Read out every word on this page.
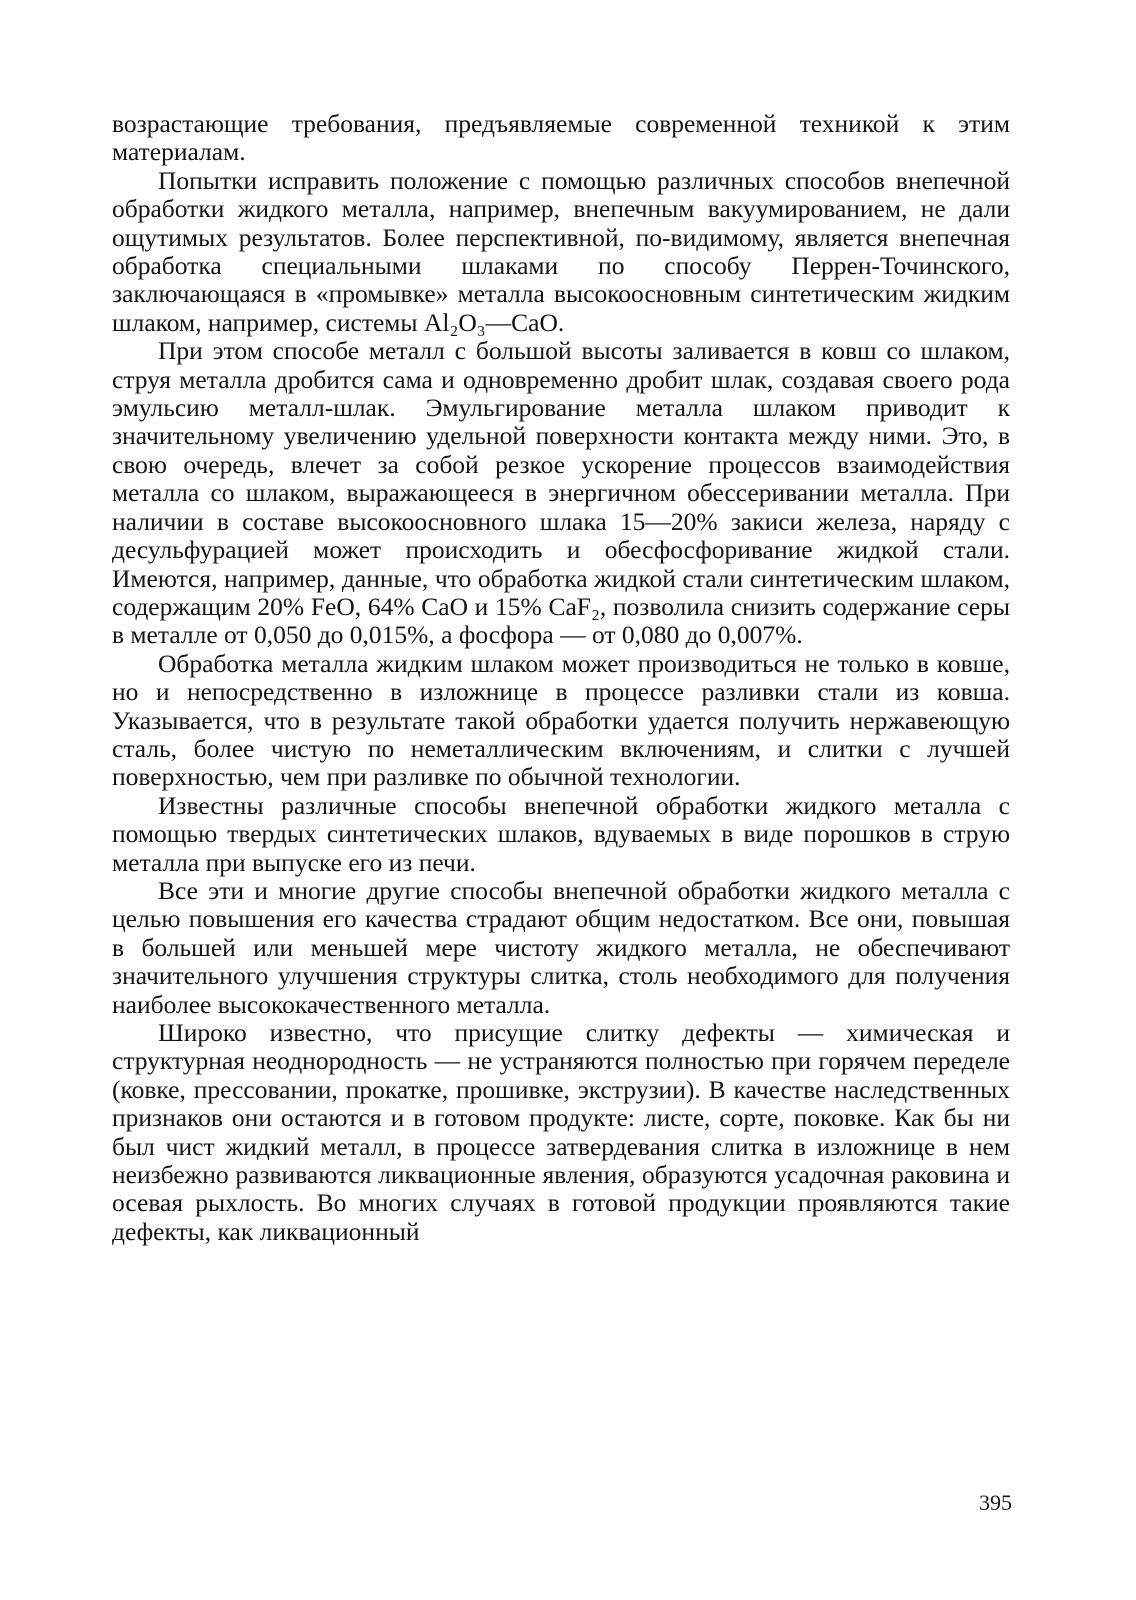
возрастающие требования, предъявляемые современной техникой к этим материалам.

Попытки исправить положение с помощью различных способов внепечной обработки жидкого металла, например, внепечным вакуумированием, не дали ощутимых результатов. Более перспективной, по-видимому, является внепечная обработка специальными шлаками по способу Перрен-Точинского, заключающаяся в «промывке» металла высокоосновным синтетическим жидким шлаком, например, системы Al₂O₃—CaO.

При этом способе металл с большой высоты заливается в ковш со шлаком, струя металла дробится сама и одновременно дробит шлак, создавая своего рода эмульсию металл-шлак. Эмульгирование металла шлаком приводит к значительному увеличению удельной поверхности контакта между ними. Это, в свою очередь, влечет за собой резкое ускорение процессов взаимодействия металла со шлаком, выражающееся в энергичном обессеривании металла. При наличии в составе высокоосновного шлака 15—20% закиси железа, наряду с десульфурацией может происходить и обесфосфоривание жидкой стали. Имеются, например, данные, что обработка жидкой стали синтетическим шлаком, содержащим 20% FeO, 64% CaO и 15% CaF₂, позволила снизить содержание серы в металле от 0,050 до 0,015%, а фосфора — от 0,080 до 0,007%.

Обработка металла жидким шлаком может производиться не только в ковше, но и непосредственно в изложнице в процессе разливки стали из ковша. Указывается, что в результате такой обработки удается получить нержавеющую сталь, более чистую по неметаллическим включениям, и слитки с лучшей поверхностью, чем при разливке по обычной технологии.

Известны различные способы внепечной обработки жидкого металла с помощью твердых синтетических шлаков, вдуваемых в виде порошков в струю металла при выпуске его из печи.

Все эти и многие другие способы внепечной обработки жидкого металла с целью повышения его качества страдают общим недостатком. Все они, повышая в большей или меньшей мере чистоту жидкого металла, не обеспечивают значительного улучшения структуры слитка, столь необходимого для получения наиболее высококачественного металла.

Широко известно, что присущие слитку дефекты — химическая и структурная неоднородность — не устраняются полностью при горячем переделе (ковке, прессовании, прокатке, прошивке, экструзии). В качестве наследственных признаков они остаются и в готовом продукте: листе, сорте, поковке. Как бы ни был чист жидкий металл, в процессе затвердевания слитка в изложнице в нем неизбежно развиваются ликвационные явления, образуются усадочная раковина и осевая рыхлость. Во многих случаях в готовой продукции проявляются такие дефекты, как ликвационный

395
